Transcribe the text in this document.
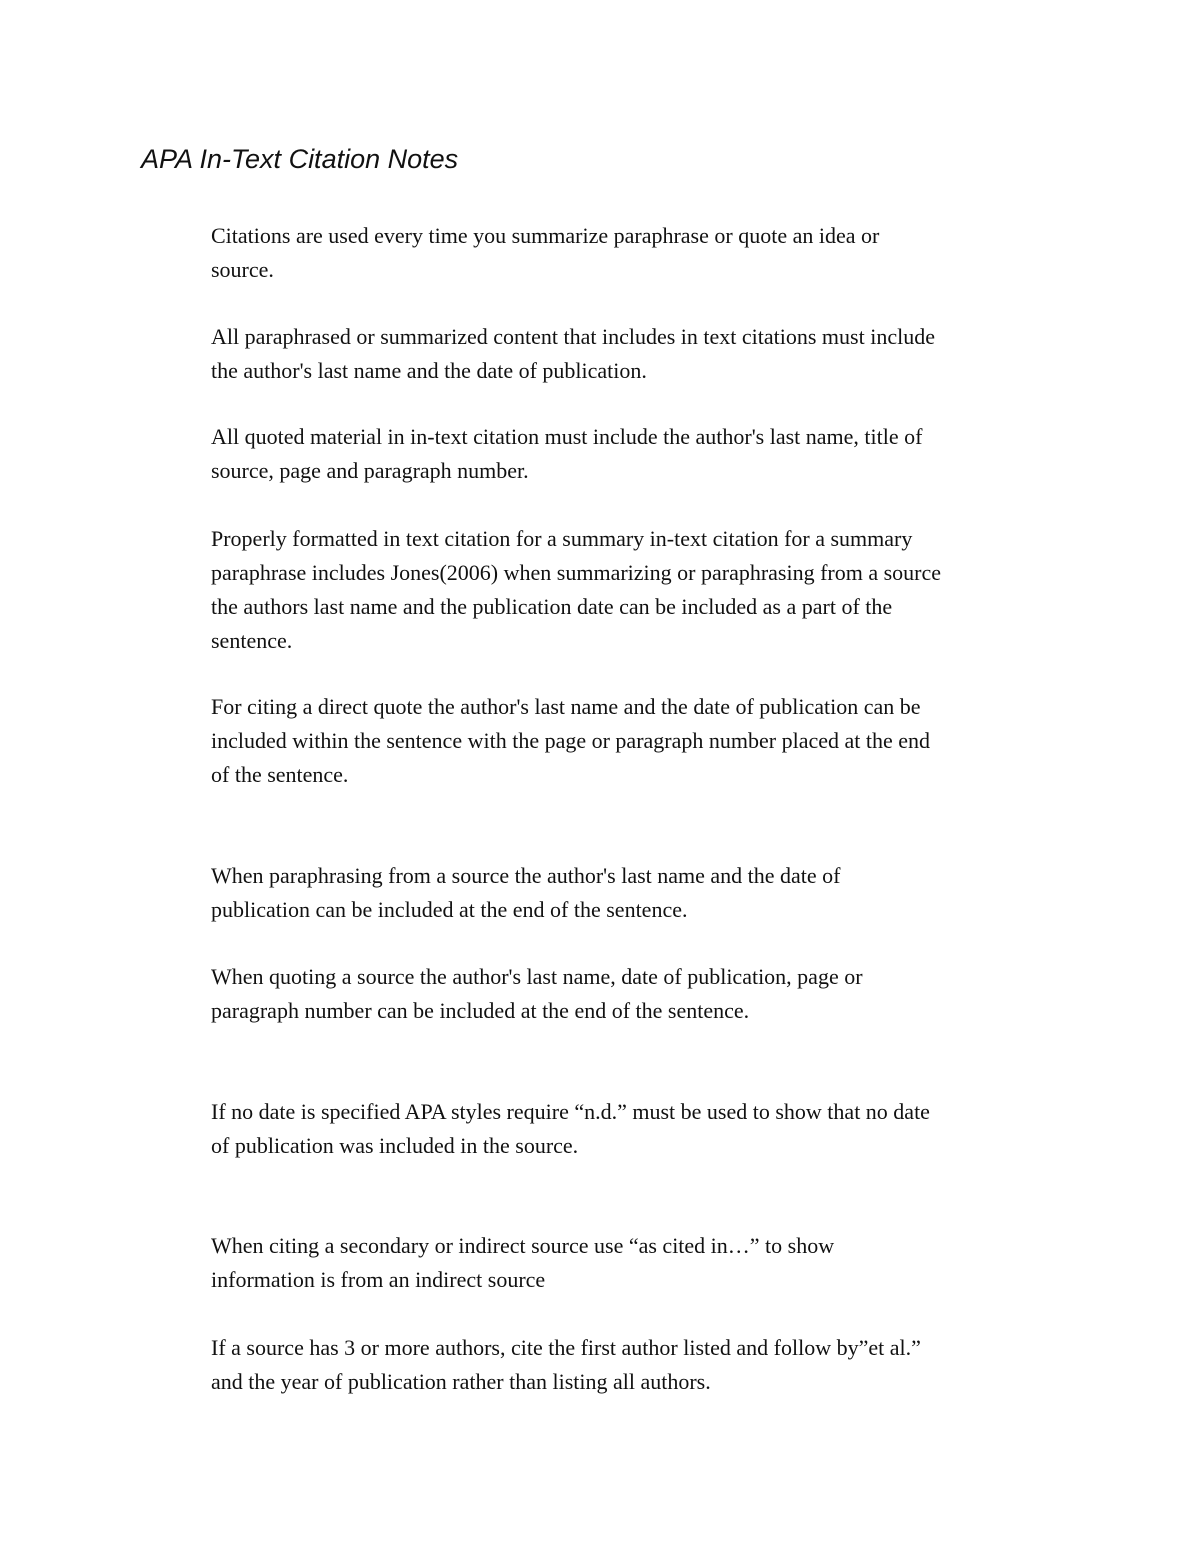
APA In-Text Citation Notes
Citations are used every time you summarize paraphrase or quote an idea or
source.
All paraphrased or summarized content that includes in text citations must include
the author's last name and the date of publication.
All quoted material in in-text citation must include the author's last name, title of
source, page and paragraph number.
Properly formatted in text citation for a summary in-text citation for a summary
paraphrase includes Jones(2006) when summarizing or paraphrasing from a source
the authors last name and the publication date can be included as a part of the
sentence.
For citing a direct quote the author's last name and the date of publication can be
included within the sentence with the page or paragraph number placed at the end
of the sentence.
When paraphrasing from a source the author's last name and the date of
publication can be included at the end of the sentence.
When quoting a source the author's last name, date of publication, page or
paragraph number can be included at the end of the sentence.
If no date is specified APA styles require “n.d.” must be used to show that no date
of publication was included in the source.
When citing a secondary or indirect source use “as cited in…” to show
information is from an indirect source
If a source has 3 or more authors, cite the first author listed and follow by”et al.”
and the year of publication rather than listing all authors.
